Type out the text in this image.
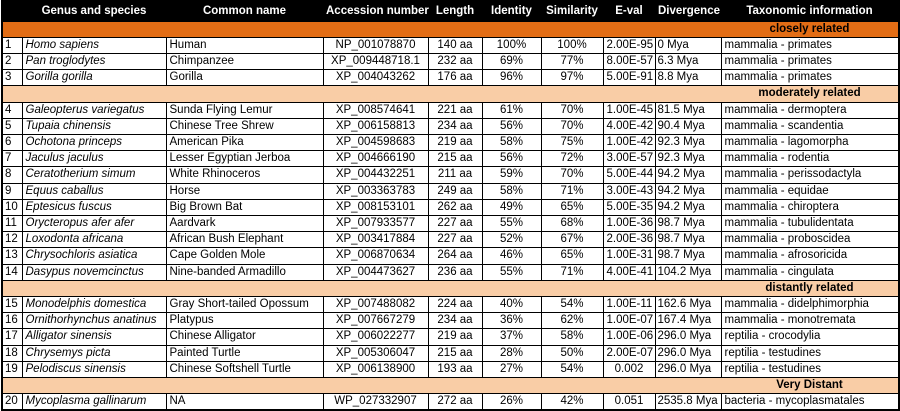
	Genus and species	Common name	Accession number	Length	Identity	Similarity	E-val	Divergence	Taxonomic information
									closely related
1	Homo sapiens	Human	NP_001078870	140 aa	100%	100%	2.00E-95	0 Mya	mammalia - primates
2	Pan troglodytes	Chimpanzee	XP_009448718.1	232 aa	69%	77%	8.00E-57	6.3 Mya	mammalia - primates
3	Gorilla gorilla	Gorilla	XP_004043262	176 aa	96%	97%	5.00E-91	8.8 Mya	mammalia - primates
									moderately related
4	Galeopterus variegatus	Sunda Flying Lemur	XP_008574641	221 aa	61%	70%	1.00E-45	81.5 Mya	mammalia - dermoptera
5	Tupaia chinensis	Chinese Tree Shrew	XP_006158813	234 aa	56%	70%	4.00E-42	90.4 Mya	mammalia - scandentia
6	Ochotona princeps	American Pika	XP_004598683	219 aa	58%	75%	1.00E-42	92.3 Mya	mammalia - lagomorpha
7	Jaculus jaculus	Lesser Egyptian Jerboa	XP_004666190	215 aa	56%	72%	3.00E-57	92.3 Mya	mammalia - rodentia
8	Ceratotherium simum	White Rhinoceros	XP_004432251	211 aa	59%	70%	5.00E-44	94.2 Mya	mammalia - perissodactyla
9	Equus caballus	Horse	XP_003363783	249 aa	58%	71%	3.00E-43	94.2 Mya	mammalia - equidae
10	Eptesicus fuscus	Big Brown Bat	XP_008153101	262 aa	49%	65%	5.00E-35	94.2 Mya	mammalia - chiroptera
11	Orycteropus afer afer	Aardvark	XP_007933577	227 aa	55%	68%	1.00E-36	98.7 Mya	mammalia - tubulidentata
12	Loxodonta africana	African Bush Elephant	XP_003417884	227 aa	52%	67%	2.00E-36	98.7 Mya	mammalia - proboscidea
13	Chrysochloris asiatica	Cape Golden Mole	XP_006870634	264 aa	46%	65%	1.00E-31	98.7 Mya	mammalia - afrosoricida
14	Dasypus novemcinctus	Nine-banded Armadillo	XP_004473627	236 aa	55%	71%	4.00E-41	104.2 Mya	mammalia - cingulata
									distantly related
15	Monodelphis domestica	Gray Short-tailed Opossum	XP_007488082	224 aa	40%	54%	1.00E-11	162.6 Mya	mammalia - didelphimorphia
16	Ornithorhynchus anatinus	Platypus	XP_007667279	234 aa	36%	62%	1.00E-07	167.4 Mya	mammalia - monotremata
17	Alligator sinensis	Chinese Alligator	XP_006022277	219 aa	37%	58%	1.00E-06	296.0 Mya	reptilia - crocodylia
18	Chrysemys picta	Painted Turtle	XP_005306047	215 aa	28%	50%	2.00E-07	296.0 Mya	reptilia - testudines
19	Pelodiscus sinensis	Chinese Softshell Turtle	XP_006138900	193 aa	27%	54%	0.002	296.0 Mya	reptilia - testudines
									Very Distant
20	Mycoplasma gallinarum	NA	WP_027332907	272 aa	26%	42%	0.051	2535.8 Mya	bacteria - mycoplasmatales
